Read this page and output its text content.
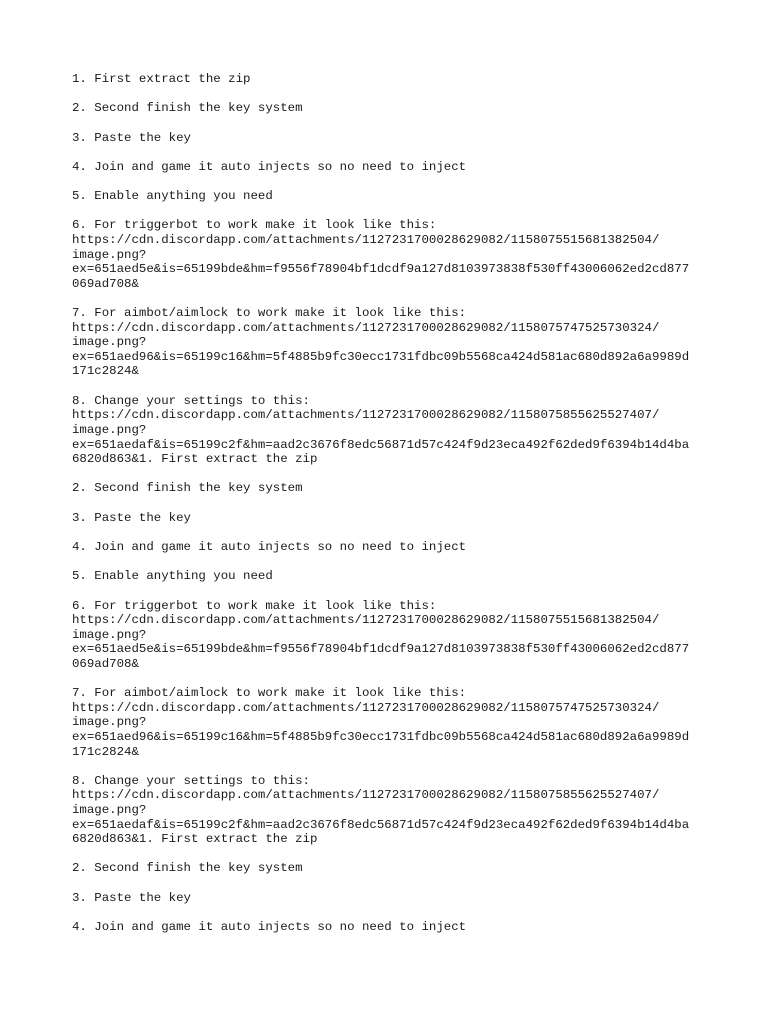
1. First extract the zip

2. Second finish the key system

3. Paste the key

4. Join and game it auto injects so no need to inject

5. Enable anything you need

6. For triggerbot to work make it look like this:
https://cdn.discordapp.com/attachments/1127231700028629082/1158075515681382504/
image.png?
ex=651aed5e&is=65199bde&hm=f9556f78904bf1dcdf9a127d8103973838f530ff43006062ed2cd877
069ad708&

7. For aimbot/aimlock to work make it look like this:
https://cdn.discordapp.com/attachments/1127231700028629082/1158075747525730324/
image.png?
ex=651aed96&is=65199c16&hm=5f4885b9fc30ecc1731fdbc09b5568ca424d581ac680d892a6a9989d
171c2824&

8. Change your settings to this:
https://cdn.discordapp.com/attachments/1127231700028629082/1158075855625527407/
image.png?
ex=651aedaf&is=65199c2f&hm=aad2c3676f8edc56871d57c424f9d23eca492f62ded9f6394b14d4ba
6820d863&1. First extract the zip

2. Second finish the key system

3. Paste the key

4. Join and game it auto injects so no need to inject

5. Enable anything you need

6. For triggerbot to work make it look like this:
https://cdn.discordapp.com/attachments/1127231700028629082/1158075515681382504/
image.png?
ex=651aed5e&is=65199bde&hm=f9556f78904bf1dcdf9a127d8103973838f530ff43006062ed2cd877
069ad708&

7. For aimbot/aimlock to work make it look like this:
https://cdn.discordapp.com/attachments/1127231700028629082/1158075747525730324/
image.png?
ex=651aed96&is=65199c16&hm=5f4885b9fc30ecc1731fdbc09b5568ca424d581ac680d892a6a9989d
171c2824&

8. Change your settings to this:
https://cdn.discordapp.com/attachments/1127231700028629082/1158075855625527407/
image.png?
ex=651aedaf&is=65199c2f&hm=aad2c3676f8edc56871d57c424f9d23eca492f62ded9f6394b14d4ba
6820d863&1. First extract the zip

2. Second finish the key system

3. Paste the key

4. Join and game it auto injects so no need to inject
